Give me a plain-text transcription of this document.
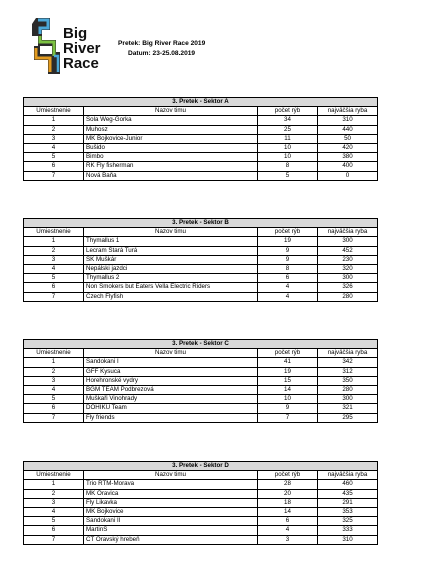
Big
River
Race
Pretek: Big River Race 2019
Datum: 23-25.08.2019
3. Pretek - Sektor A			
Umiestnenie	Nazov timu	počet rýb	najväčšia ryba
1	Sola Weg-Gorka	34	310
2	Muhosz	25	440
3	MK Bojkovice-Junior	11	50
4	Bušido	10	420
5	Bimbo	10	380
6	RK Fly fisherman	8	400
7	Nová Baňa	5	0
3. Pretek - Sektor B			
Umiestnenie	Nazov timu	počet rýb	najväčšia ryba
1	Thymallus 1	19	300
2	Lecram Stará Turá	9	452
3	SK Muškár	9	230
4	Nepálski jazdci	8	320
5	Thymallus 2	6	300
6	Non Smokers but Eaters Vella Electric Riders	4	326
7	Czech Flyfish	4	280
3. Pretek - Sektor C			
Umiestnenie	Nazov timu	počet rýb	najväčšia ryba
1	Sandokani I	41	342
2	GFF Kysuca	19	312
3	Horehronské vydry	15	350
4	BGM TEAM Podbrezová	14	280
5	Muškaři Vinohrady	10	300
6	DOHIKU Team	9	321
7	Fly friends	7	295
3. Pretek - Sektor D			
Umiestnenie	Nazov timu	počet rýb	najväčšia ryba
1	Trio RTM-Morava	28	460
2	MK Oravica	20	435
3	Fly Likavka	18	291
4	MK Bojkovice	14	353
5	Sandokani II	6	325
6	MartinS	4	333
7	CT Oravský hrebeň	3	310
